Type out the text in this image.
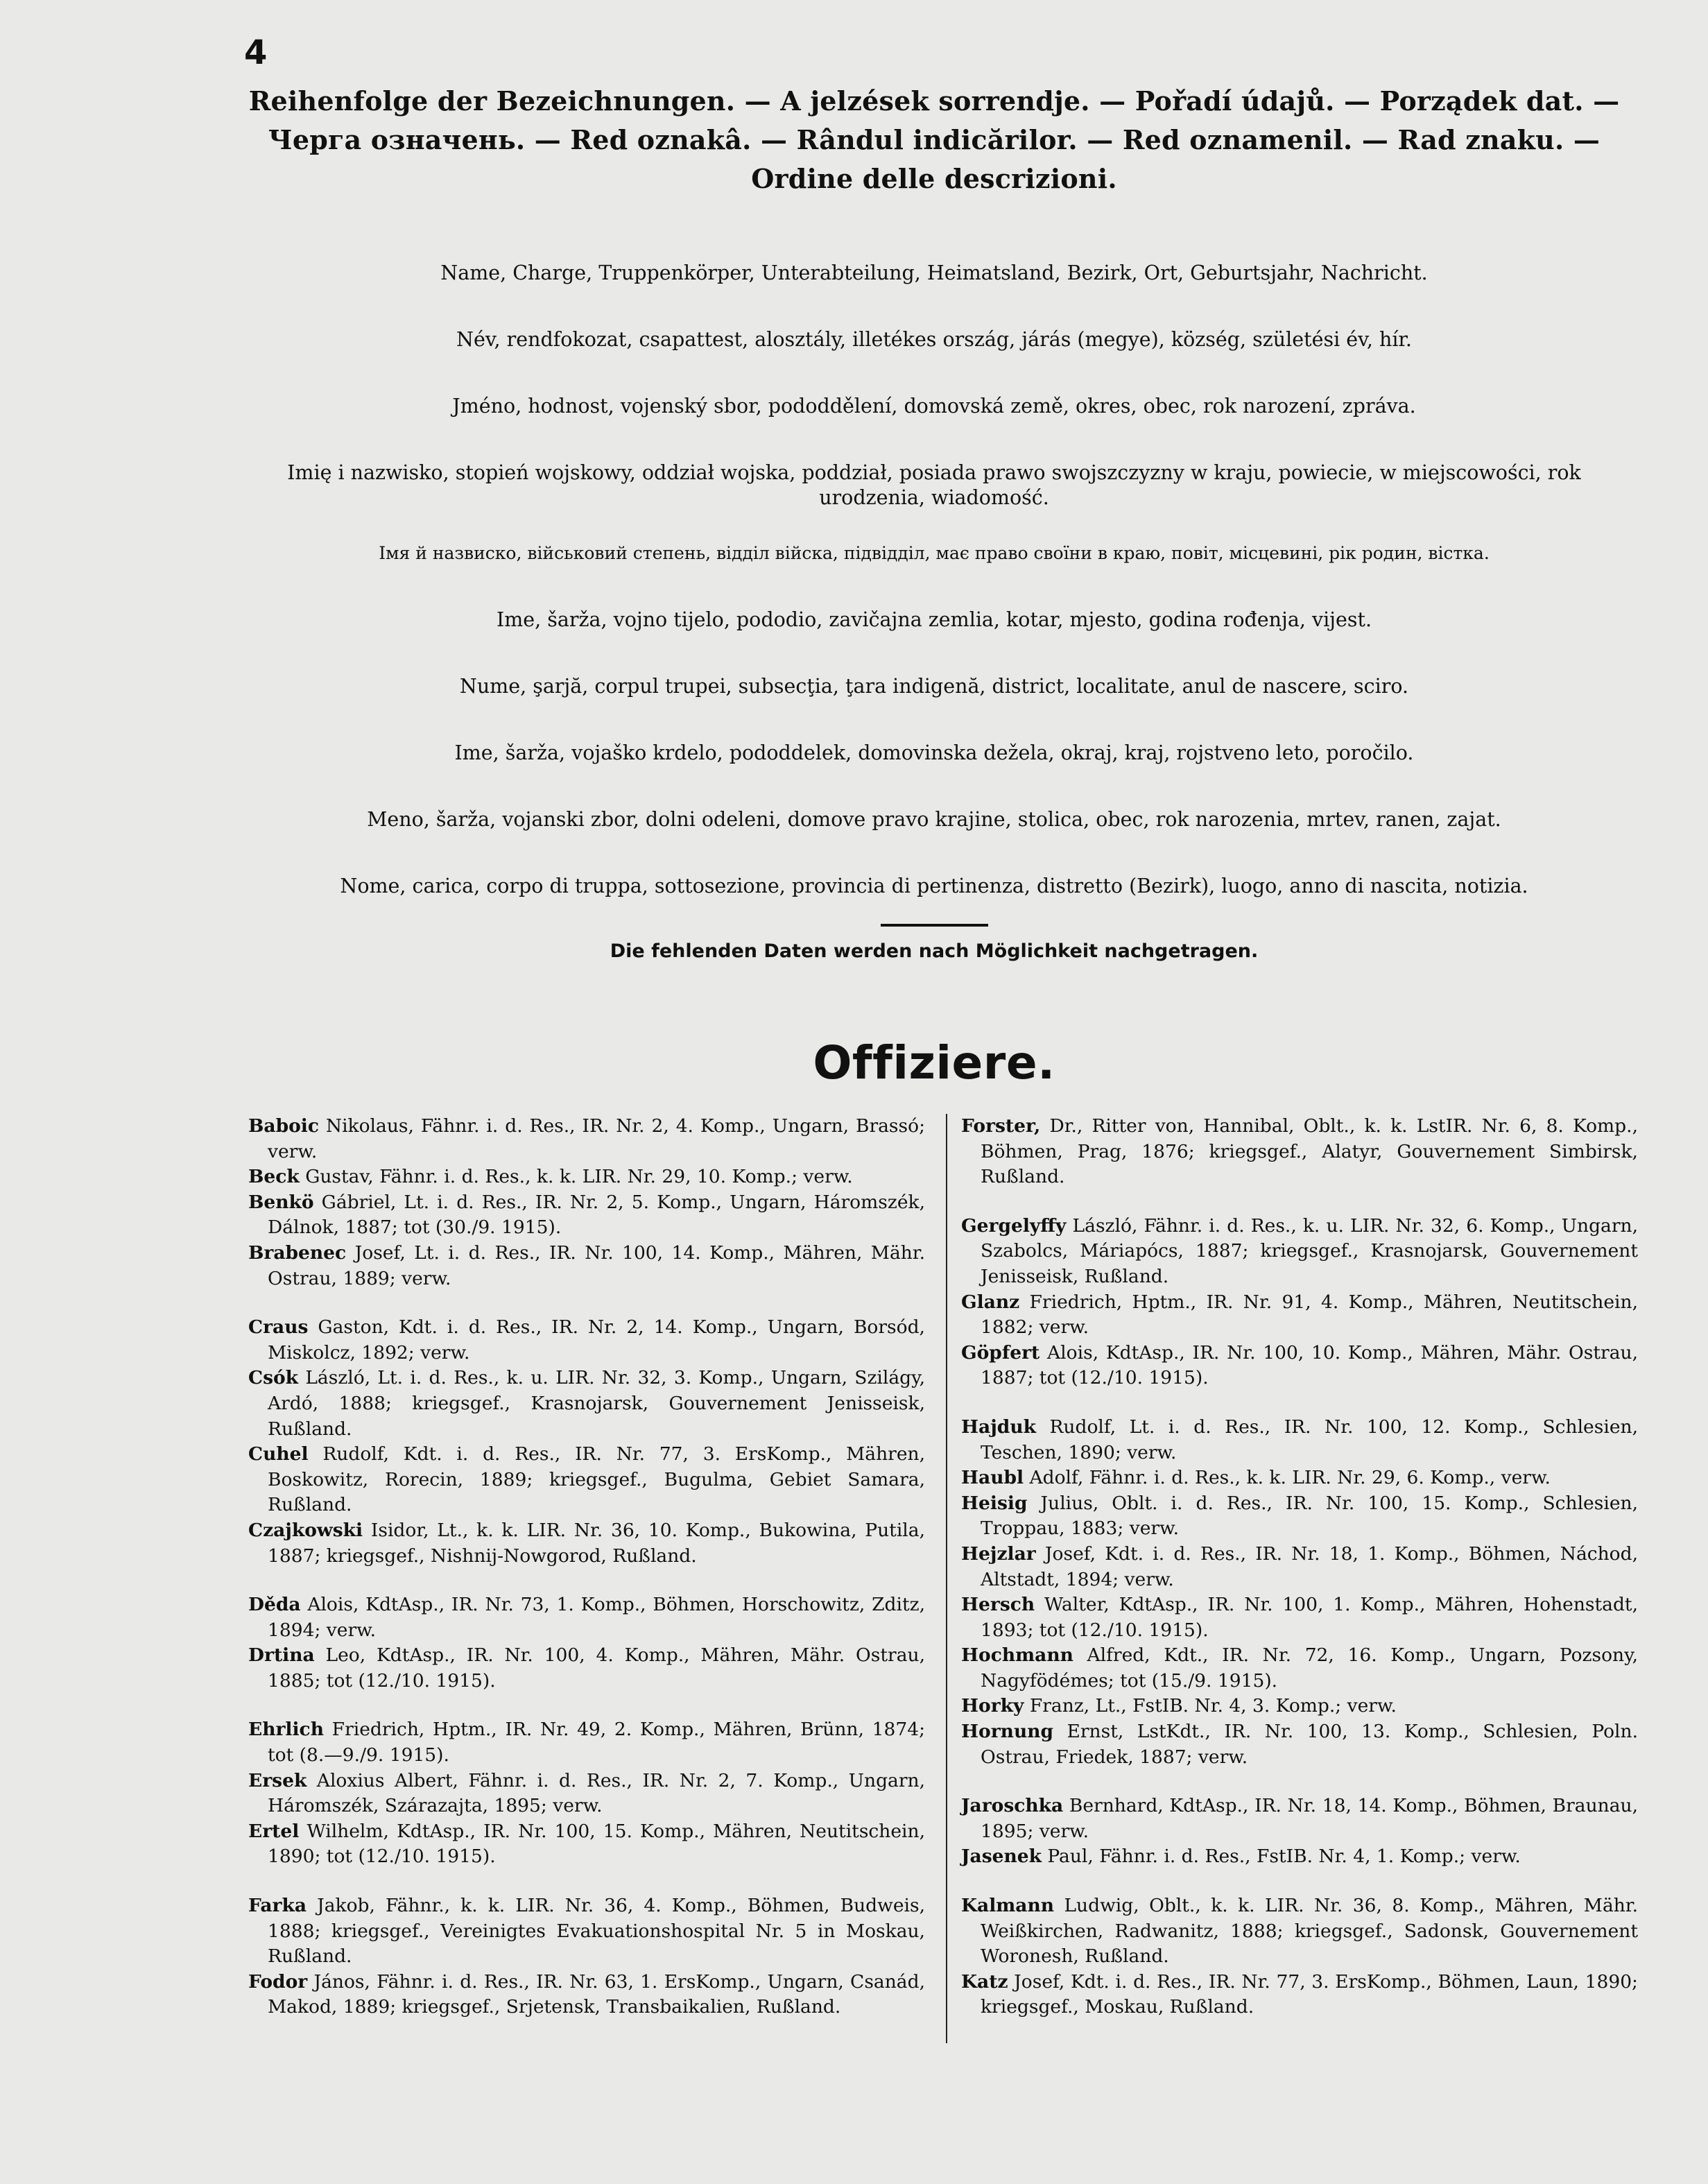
4
Reihenfolge der Bezeichnungen. — A jelzések sorrendje. — Pořadí údajů. — Porządek dat. —
Черга означень. — Red oznakâ. — Rândul indicărilor. — Red oznamenil. — Rad znaku. —
Ordine delle descrizioni.
Name, Charge, Truppenkörper, Unterabteilung, Heimatsland, Bezirk, Ort, Geburtsjahr, Nachricht.
Név, rendfokozat, csapattest, alosztály, illetékes ország, járás (megye), község, születési év, hír.
Jméno, hodnost, vojenský sbor, pododdělení, domovská země, okres, obec, rok narození, zpráva.
Imię i nazwisko, stopień wojskowy, oddział wojska, poddział, posiada prawo swojszczyzny w kraju, powiecie, w miejscowości, rok urodzenia, wiadomość.
Імя й назвиско, військовий степень, відділ війска, підвідділ, має право своїни в краю, повіт, місцевині, рік родин, вістка.
Ime, šarža, vojno tijelo, pododio, zavičajna zemlia, kotar, mjesto, godina rođenja, vijest.
Nume, şarjă, corpul trupei, subsecţia, ţara indigenă, district, localitate, anul de nascere, sciro.
Ime, šarža, vojaško krdelo, pododdelek, domovinska dežela, okraj, kraj, rojstveno leto, poročilo.
Meno, šarža, vojanski zbor, dolni odeleni, domove pravo krajine, stolica, obec, rok narozenia, mrtev, ranen, zajat.
Nome, carica, corpo di truppa, sottosezione, provincia di pertinenza, distretto (Bezirk), luogo, anno di nascita, notizia.
Die fehlenden Daten werden nach Möglichkeit nachgetragen.
Offiziere.
Baboic Nikolaus, Fähnr. i. d. Res., IR. Nr. 2, 4. Komp., Ungarn, Brassó; verw.
Beck Gustav, Fähnr. i. d. Res., k. k. LIR. Nr. 29, 10. Komp.; verw.
Benkö Gábriel, Lt. i. d. Res., IR. Nr. 2, 5. Komp., Ungarn, Háromszék, Dálnok, 1887; tot (30./9. 1915).
Brabenec Josef, Lt. i. d. Res., IR. Nr. 100, 14. Komp., Mähren, Mähr. Ostrau, 1889; verw.
Craus Gaston, Kdt. i. d. Res., IR. Nr. 2, 14. Komp., Ungarn, Borsód, Miskolcz, 1892; verw.
Csók László, Lt. i. d. Res., k. u. LIR. Nr. 32, 3. Komp., Ungarn, Szilágy, Ardó, 1888; kriegsgef., Krasnojarsk, Gouvernement Jenisseisk, Rußland.
Cuhel Rudolf, Kdt. i. d. Res., IR. Nr. 77, 3. ErsKomp., Mähren, Boskowitz, Rorecin, 1889; kriegsgef., Bugulma, Gebiet Samara, Rußland.
Czajkowski Isidor, Lt., k. k. LIR. Nr. 36, 10. Komp., Bukowina, Putila, 1887; kriegsgef., Nishnij-Nowgorod, Rußland.
Děda Alois, KdtAsp., IR. Nr. 73, 1. Komp., Böhmen, Horschowitz, Zditz, 1894; verw.
Drtina Leo, KdtAsp., IR. Nr. 100, 4. Komp., Mähren, Mähr. Ostrau, 1885; tot (12./10. 1915).
Ehrlich Friedrich, Hptm., IR. Nr. 49, 2. Komp., Mähren, Brünn, 1874; tot (8.—9./9. 1915).
Ersek Aloxius Albert, Fähnr. i. d. Res., IR. Nr. 2, 7. Komp., Ungarn, Háromszék, Szárazajta, 1895; verw.
Ertel Wilhelm, KdtAsp., IR. Nr. 100, 15. Komp., Mähren, Neutitschein, 1890; tot (12./10. 1915).
Farka Jakob, Fähnr., k. k. LIR. Nr. 36, 4. Komp., Böhmen, Budweis, 1888; kriegsgef., Vereinigtes Evakuationshospital Nr. 5 in Moskau, Rußland.
Fodor János, Fähnr. i. d. Res., IR. Nr. 63, 1. ErsKomp., Ungarn, Csanád, Makod, 1889; kriegsgef., Srjetensk, Transbaikalien, Rußland.
Forster, Dr., Ritter von, Hannibal, Oblt., k. k. LstIR. Nr. 6, 8. Komp., Böhmen, Prag, 1876; kriegsgef., Alatyr, Gouvernement Simbirsk, Rußland.
Gergelyffy László, Fähnr. i. d. Res., k. u. LIR. Nr. 32, 6. Komp., Ungarn, Szabolcs, Máriapócs, 1887; kriegsgef., Krasnojarsk, Gouvernement Jenisseisk, Rußland.
Glanz Friedrich, Hptm., IR. Nr. 91, 4. Komp., Mähren, Neutitschein, 1882; verw.
Göpfert Alois, KdtAsp., IR. Nr. 100, 10. Komp., Mähren, Mähr. Ostrau, 1887; tot (12./10. 1915).
Hajduk Rudolf, Lt. i. d. Res., IR. Nr. 100, 12. Komp., Schlesien, Teschen, 1890; verw.
Haubl Adolf, Fähnr. i. d. Res., k. k. LIR. Nr. 29, 6. Komp., verw.
Heisig Julius, Oblt. i. d. Res., IR. Nr. 100, 15. Komp., Schlesien, Troppau, 1883; verw.
Hejzlar Josef, Kdt. i. d. Res., IR. Nr. 18, 1. Komp., Böhmen, Náchod, Altstadt, 1894; verw.
Hersch Walter, KdtAsp., IR. Nr. 100, 1. Komp., Mähren, Hohenstadt, 1893; tot (12./10. 1915).
Hochmann Alfred, Kdt., IR. Nr. 72, 16. Komp., Ungarn, Pozsony, Nagyfödémes; tot (15./9. 1915).
Horky Franz, Lt., FstIB. Nr. 4, 3. Komp.; verw.
Hornung Ernst, LstKdt., IR. Nr. 100, 13. Komp., Schlesien, Poln. Ostrau, Friedek, 1887; verw.
Jaroschka Bernhard, KdtAsp., IR. Nr. 18, 14. Komp., Böhmen, Braunau, 1895; verw.
Jasenek Paul, Fähnr. i. d. Res., FstIB. Nr. 4, 1. Komp.; verw.
Kalmann Ludwig, Oblt., k. k. LIR. Nr. 36, 8. Komp., Mähren, Mähr. Weißkirchen, Radwanitz, 1888; kriegsgef., Sadonsk, Gouvernement Woronesh, Rußland.
Katz Josef, Kdt. i. d. Res., IR. Nr. 77, 3. ErsKomp., Böhmen, Laun, 1890; kriegsgef., Moskau, Rußland.
